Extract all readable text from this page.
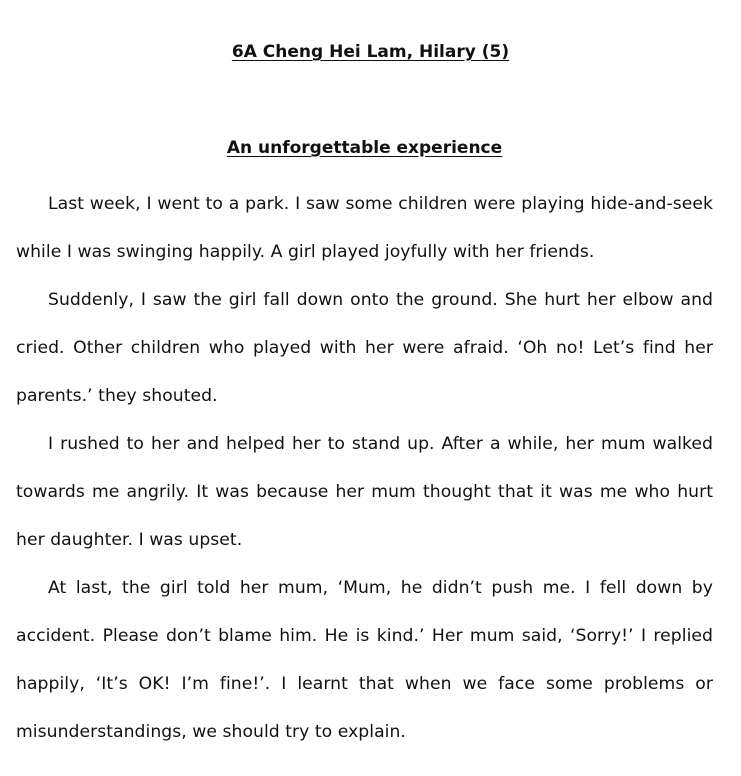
6A Cheng Hei Lam, Hilary (5)
An unforgettable experience

Last week, I went to a park. I saw some children were playing hide-and-seek while I was swinging happily. A girl played joyfully with her friends.

Suddenly, I saw the girl fall down onto the ground. She hurt her elbow and cried. Other children who played with her were afraid. ‘Oh no! Let’s find her parents.’ they shouted.

I rushed to her and helped her to stand up. After a while, her mum walked towards me angrily. It was because her mum thought that it was me who hurt her daughter. I was upset.

At last, the girl told her mum, ‘Mum, he didn’t push me. I fell down by accident. Please don’t blame him. He is kind.’ Her mum said, ‘Sorry!’ I replied happily, ‘It’s OK! I’m fine!’. I learnt that when we face some problems or misunderstandings, we should try to explain.
